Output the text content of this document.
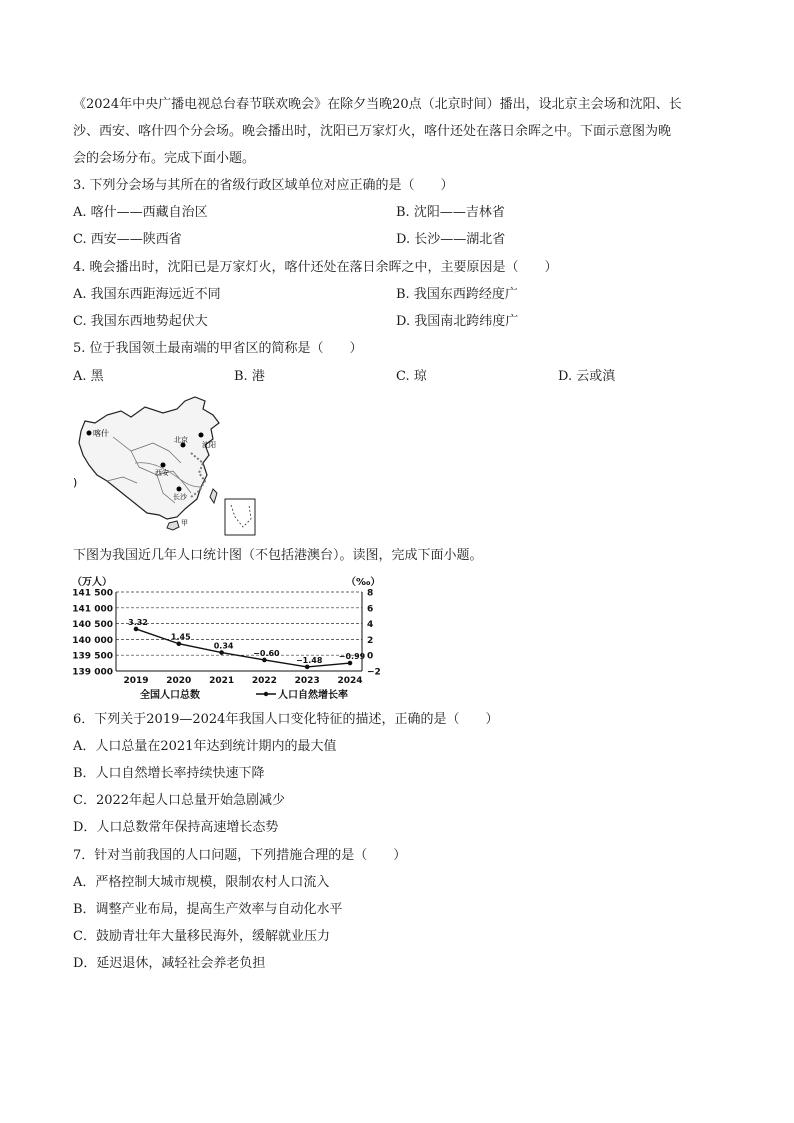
《2024年中央广播电视总台春节联欢晚会》在除夕当晚20点（北京时间）播出，设北京主会场和沈阳、长
沙、西安、喀什四个分会场。晚会播出时，沈阳已万家灯火，喀什还处在落日余晖之中。下面示意图为晚
会的会场分布。完成下面小题。
3. 下列分会场与其所在的省级行政区域单位对应正确的是（　　）
A. 喀什——西藏自治区	B. 沈阳——吉林省
C. 西安——陕西省	D. 长沙——湖北省
4. 晚会播出时，沈阳已是万家灯火，喀什还处在落日余晖之中，主要原因是（　　）
A. 我国东西距海远近不同	B. 我国东西跨经度广
C. 我国东西地势起伏大	D. 我国南北跨纬度广
5. 位于我国领土最南端的甲省区的简称是（　　）
A. 黑	B. 港	C. 琼	D. 云或滇
喀什
北京
沈阳
西安
长沙
甲
)
下图为我国近几年人口统计图（不包括港澳台）。读图，完成下面小题。
（万人）	（‰）
141 500
141 000
140 500
140 000
139 500
139 000
8
6
4
2
0
−2
2019 2020 2021 2022 2023 2024
3.32
1.45
0.34
−0.60
−1.48 −0.99
全国人口总数	人口自然增长率
6．下列关于2019—2024年我国人口变化特征的描述，正确的是（　　）
A．人口总量在2021年达到统计期内的最大值
B．人口自然增长率持续快速下降
C．2022年起人口总量开始急剧减少
D．人口总数常年保持高速增长态势
7．针对当前我国的人口问题，下列措施合理的是（　　）
A．严格控制大城市规模，限制农村人口流入
B．调整产业布局，提高生产效率与自动化水平
C．鼓励青壮年大量移民海外，缓解就业压力
D．延迟退休，减轻社会养老负担
